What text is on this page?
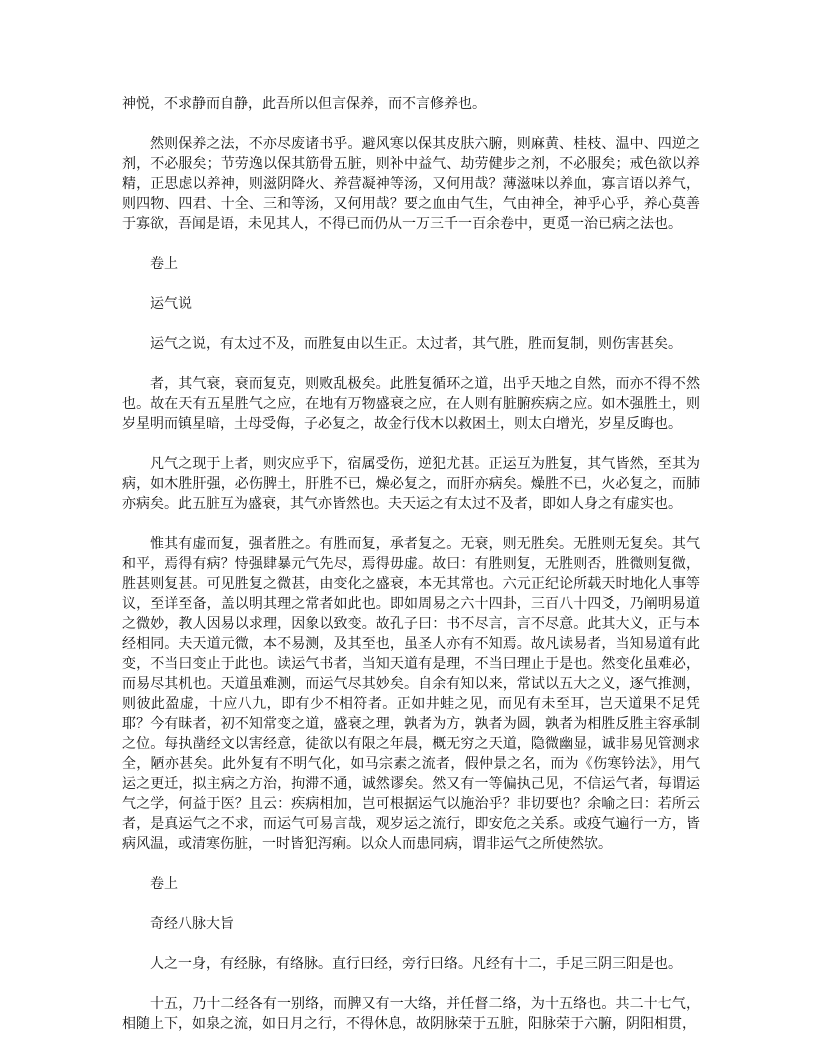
神悦，不求静而自静，此吾所以但言保养，而不言修养也。

然则保养之法，不亦尽废诸书乎。避风寒以保其皮肤六腑，则麻黄、桂枝、温中、四逆之剂，不必服矣；节劳逸以保其筋骨五脏，则补中益气、劫劳健步之剂，不必服矣；戒色欲以养精，正思虑以养神，则滋阴降火、养营凝神等汤，又何用哉？薄滋味以养血，寡言语以养气，则四物、四君、十全、三和等汤，又何用哉？要之血由气生，气由神全，神乎心乎，养心莫善于寡欲，吾闻是语，未见其人，不得已而仍从一万三千一百余卷中，更觅一治已病之法也。

卷上

运气说

运气之说，有太过不及，而胜复由以生正。太过者，其气胜，胜而复制，则伤害甚矣。

者，其气衰，衰而复克，则败乱极矣。此胜复循环之道，出乎天地之自然，而亦不得不然也。故在天有五星胜气之应，在地有万物盛衰之应，在人则有脏腑疾病之应。如木强胜土，则岁星明而镇星暗，土母受侮，子必复之，故金行伐木以救困土，则太白增光，岁星反晦也。

凡气之现于上者，则灾应乎下，宿属受伤，逆犯尤甚。正运互为胜复，其气皆然，至其为病，如木胜肝强，必伤脾土，肝胜不已，燥必复之，而肝亦病矣。燥胜不已，火必复之，而肺亦病矣。此五脏互为盛衰，其气亦皆然也。夫天运之有太过不及者，即如人身之有虚实也。

惟其有虚而复，强者胜之。有胜而复，承者复之。无衰，则无胜矣。无胜则无复矣。其气和平，焉得有病？恃强肆暴元气先尽，焉得毋虚。故曰：有胜则复，无胜则否，胜微则复微，胜甚则复甚。可见胜复之微甚，由变化之盛衰，本无其常也。六元正纪论所载天时地化人事等议，至详至备，盖以明其理之常者如此也。即如周易之六十四卦，三百八十四爻，乃阐明易道之微妙，教人因易以求理，因象以致变。故孔子曰：书不尽言，言不尽意。此其大义，正与本经相同。夫天道元微，本不易测，及其至也，虽圣人亦有不知焉。故凡读易者，当知易道有此变，不当曰变止于此也。读运气书者，当知天道有是理，不当曰理止于是也。然变化虽难必，而易尽其机也。天道虽难测，而运气尽其妙矣。自余有知以来，常试以五大之义，逐气推测，则彼此盈虚，十应八九，即有少不相符者。正如井蛙之见，而见有未至耳，岂天道果不足凭耶？今有昧者，初不知常变之道，盛衰之理，孰者为方，孰者为圆，孰者为相胜反胜主容承制之位。每执凿经文以害经意，徒欲以有限之年晨，概无穷之天道，隐微幽显，诚非易见管测求全，陋亦甚矣。此外复有不明气化，如马宗素之流者，假仲景之名，而为《伤寒钤法》，用气运之更迁，拟主病之方治，拘滞不通，诚然谬矣。然又有一等偏执己见，不信运气者，每谓运气之学，何益于医？且云：疾病相加，岂可根据运气以施治乎？非切要也？余喻之曰：若所云者，是真运气之不求，而运气可易言哉，观岁运之流行，即安危之关系。或疫气遍行一方，皆病风温，或清寒伤脏，一时皆犯泻痢。以众人而患同病，谓非运气之所使然欤。

卷上

奇经八脉大旨

人之一身，有经脉，有络脉。直行曰经，旁行曰络。凡经有十二，手足三阴三阳是也。

十五，乃十二经各有一别络，而脾又有一大络，并任督二络，为十五络也。共二十七气，相随上下，如泉之流，如日月之行，不得休息，故阴脉荣于五脏，阳脉荣于六腑，阴阳相贯，
